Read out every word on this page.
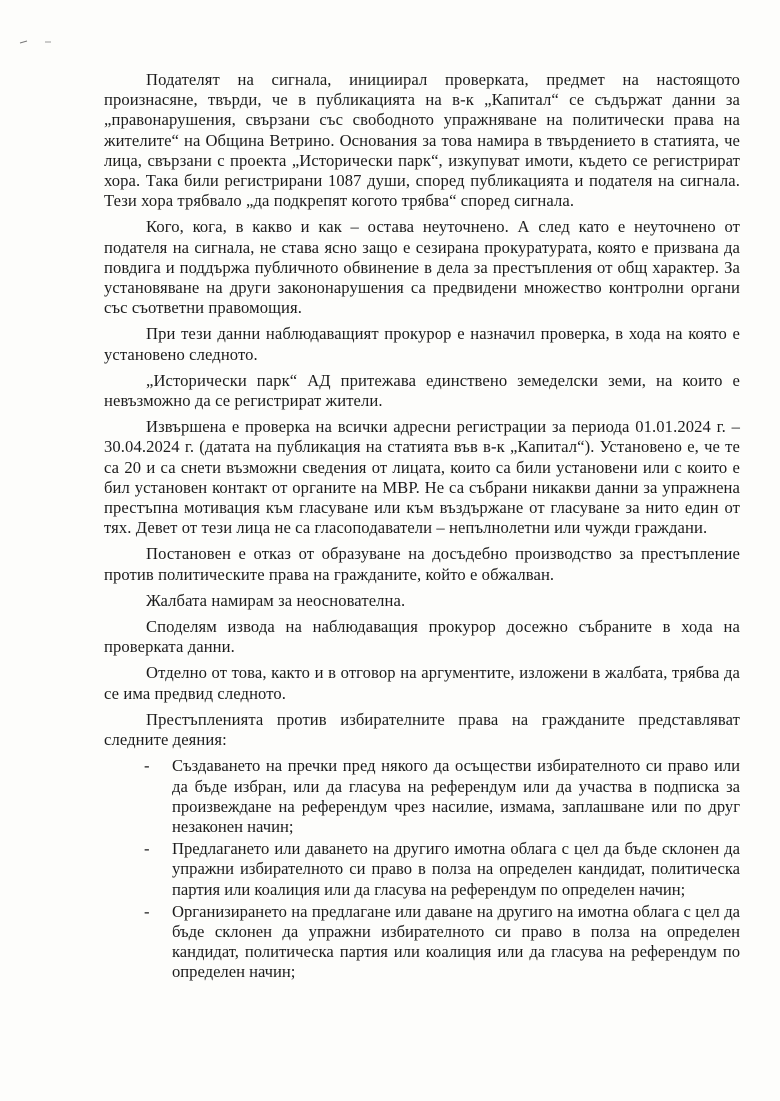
Подателят на сигнала, инициирал проверката, предмет на настоящото произнасяне, твърди, че в публикацията на в-к „Капитал“ се съдържат данни за „правонарушения, свързани със свободното упражняване на политически права на жителите“ на Община Ветрино. Основания за това намира в твърдението в статията, че лица, свързани с проекта „Исторически парк“, изкупуват имоти, където се регистрират хора. Така били регистрирани 1087 души, според публикацията и подателя на сигнала. Тези хора трябвало „да подкрепят когото трябва“ според сигнала.

Кого, кога, в какво и как – остава неуточнено. А след като е неуточнено от подателя на сигнала, не става ясно защо е сезирана прокуратурата, която е призвана да повдига и поддържа публичното обвинение в дела за престъпления от общ характер. За установяване на други закононарушения са предвидени множество контролни органи със съответни правомощия.

При тези данни наблюдаващият прокурор е назначил проверка, в хода на която е установено следното.

„Исторически парк“ АД притежава единствено земеделски земи, на които е невъзможно да се регистрират жители.

Извършена е проверка на всички адресни регистрации за периода 01.01.2024 г. – 30.04.2024 г. (датата на публикация на статията във в-к „Капитал“). Установено е, че те са 20 и са снети възможни сведения от лицата, които са били установени или с които е бил установен контакт от органите на МВР. Не са събрани никакви данни за упражнена престъпна мотивация към гласуване или към въздържане от гласуване за нито един от тях. Девет от тези лица не са гласоподаватели – непълнолетни или чужди граждани.

Постановен е отказ от образуване на досъдебно производство за престъпление против политическите права на гражданите, който е обжалван.

Жалбата намирам за неоснователна.

Споделям извода на наблюдаващия прокурор досежно събраните в хода на проверката данни.

Отделно от това, както и в отговор на аргументите, изложени в жалбата, трябва да се има предвид следното.

Престъпленията против избирателните права на гражданите представляват следните деяния:

- Създаването на пречки пред някого да осъществи избирателното си право или да бъде избран, или да гласува на референдум или да участва в подписка за произвеждане на референдум чрез насилие, измама, заплашване или по друг незаконен начин;
- Предлагането или даването на другиго имотна облага с цел да бъде склонен да упражни избирателното си право в полза на определен кандидат, политическа партия или коалиция или да гласува на референдум по определен начин;
- Организирането на предлагане или даване на другиго на имотна облага с цел да бъде склонен да упражни избирателното си право в полза на определен кандидат, политическа партия или коалиция или да гласува на референдум по определен начин;
